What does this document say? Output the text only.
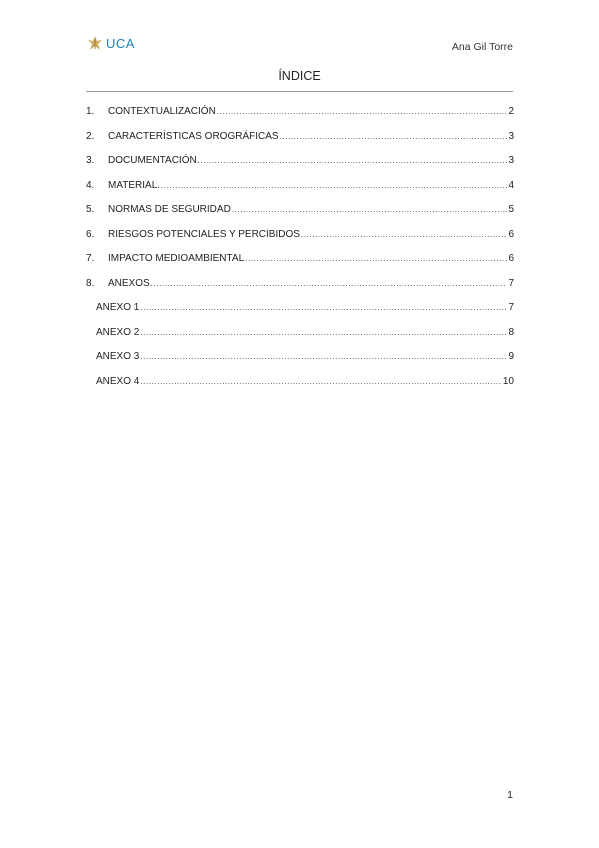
UCA	Ana Gil Torre
ÍNDICE
1.	CONTEXTUALIZACIÓN .....	2
2.	CARACTERÍSTICAS OROGRÁFICAS .....	3
3.	DOCUMENTACIÓN. .....	3
4.	MATERIAL. .....	4
5.	NORMAS DE SEGURIDAD .....	5
6.	RIESGOS POTENCIALES Y PERCIBIDOS .....	6
7.	IMPACTO MEDIOAMBIENTAL .....	6
8.	ANEXOS. .....	7
ANEXO 1 .....	7
ANEXO 2 .....	8
ANEXO 3 .....	9
ANEXO 4 .....	10
1
